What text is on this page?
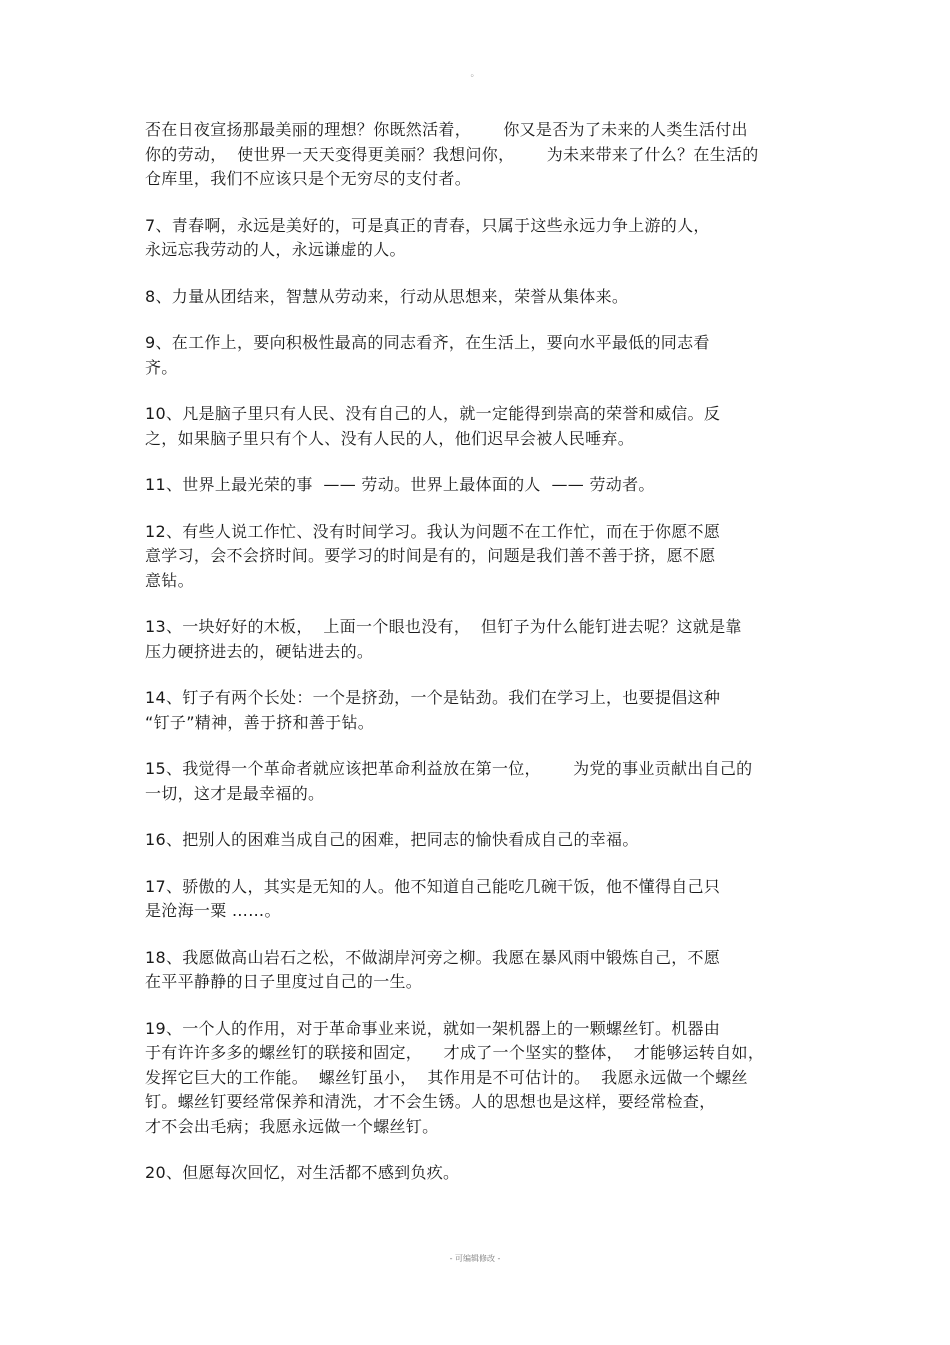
。
否在日夜宣扬那最美丽的理想？你既然活着，      你又是否为了未来的人类生活付出
你的劳动，  使世界一天天变得更美丽？我想问你，      为未来带来了什么？在生活的
仓库里，我们不应该只是个无穷尽的支付者。
7、青春啊，永远是美好的，可是真正的青春，只属于这些永远力争上游的人，
永远忘我劳动的人，永远谦虚的人。
8、力量从团结来，智慧从劳动来，行动从思想来，荣誉从集体来。
9、在工作上，要向积极性最高的同志看齐，在生活上，要向水平最低的同志看
齐。
10、凡是脑子里只有人民、没有自己的人，就一定能得到崇高的荣誉和威信。反
之，如果脑子里只有个人、没有人民的人，他们迟早会被人民唾弃。
11、世界上最光荣的事  —— 劳动。世界上最体面的人  —— 劳动者。
12、有些人说工作忙、没有时间学习。我认为问题不在工作忙，而在于你愿不愿
意学习，会不会挤时间。要学习的时间是有的，问题是我们善不善于挤，愿不愿
意钻。
13、一块好好的木板，  上面一个眼也没有，  但钉子为什么能钉进去呢？这就是靠
压力硬挤进去的，硬钻进去的。
14、钉子有两个长处：一个是挤劲，一个是钻劲。我们在学习上，也要提倡这种
“钉子”精神，善于挤和善于钻。
15、我觉得一个革命者就应该把革命利益放在第一位，      为党的事业贡献出自己的
一切，这才是最幸福的。
16、把别人的困难当成自己的困难，把同志的愉快看成自己的幸福。
17、骄傲的人，其实是无知的人。他不知道自己能吃几碗干饭，他不懂得自己只
是沧海一粟 ……。
18、我愿做高山岩石之松，不做湖岸河旁之柳。我愿在暴风雨中锻炼自己，不愿
在平平静静的日子里度过自己的一生。
19、一个人的作用，对于革命事业来说，就如一架机器上的一颗螺丝钉。机器由
于有许许多多的螺丝钉的联接和固定，    才成了一个坚实的整体，  才能够运转自如，
发挥它巨大的工作能。  螺丝钉虽小，  其作用是不可估计的。  我愿永远做一个螺丝
钉。螺丝钉要经常保养和清洗，才不会生锈。人的思想也是这样，要经常检查，
才不会出毛病；我愿永远做一个螺丝钉。
20、但愿每次回忆，对生活都不感到负疚。
- 可编辑修改 -
